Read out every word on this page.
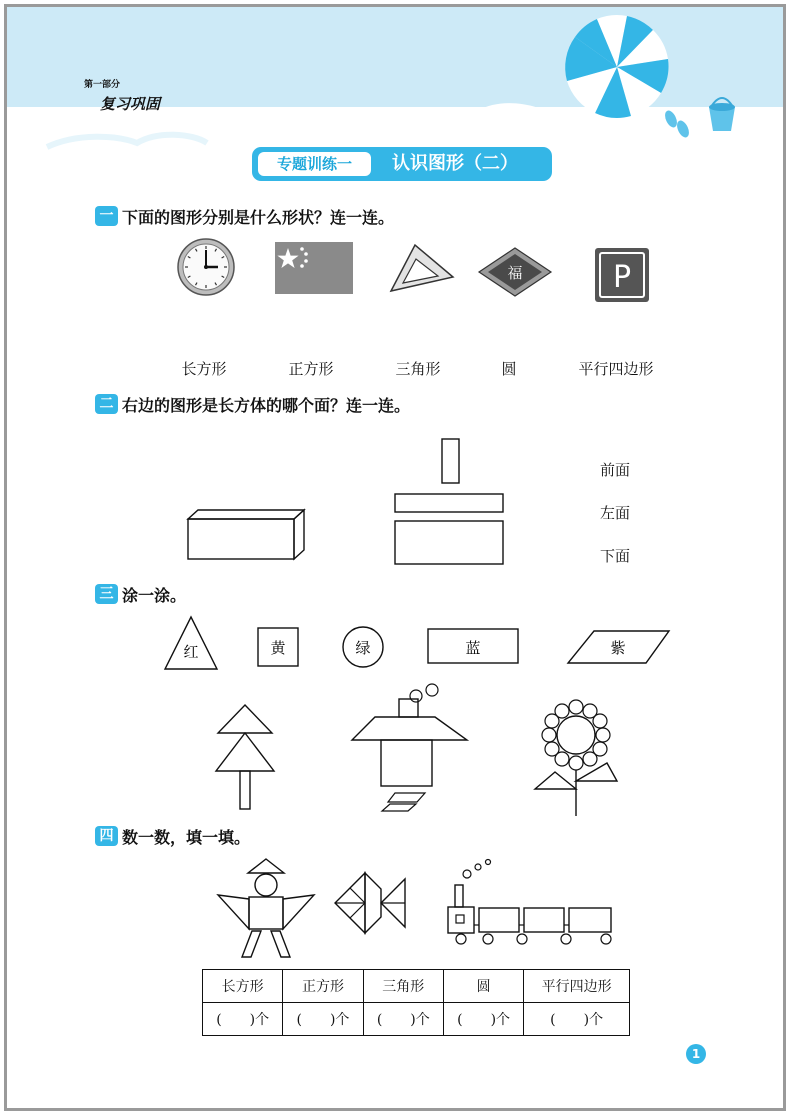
第一部分
复习巩固
专题训练一	认识图形（二）
一 下面的图形分别是什么形状？连一连。
福	P
长方形	正方形	三角形	圆	平行四边形
二 右边的图形是长方体的哪个面？连一连。
前面
左面
下面
三 涂一涂。
红	黄	绿	蓝	紫
四 数一数，填一填。
长方形	正方形	三角形	圆	平行四边形
(　　)个	(　　)个	(　　)个	(　　)个	(　　)个
1
